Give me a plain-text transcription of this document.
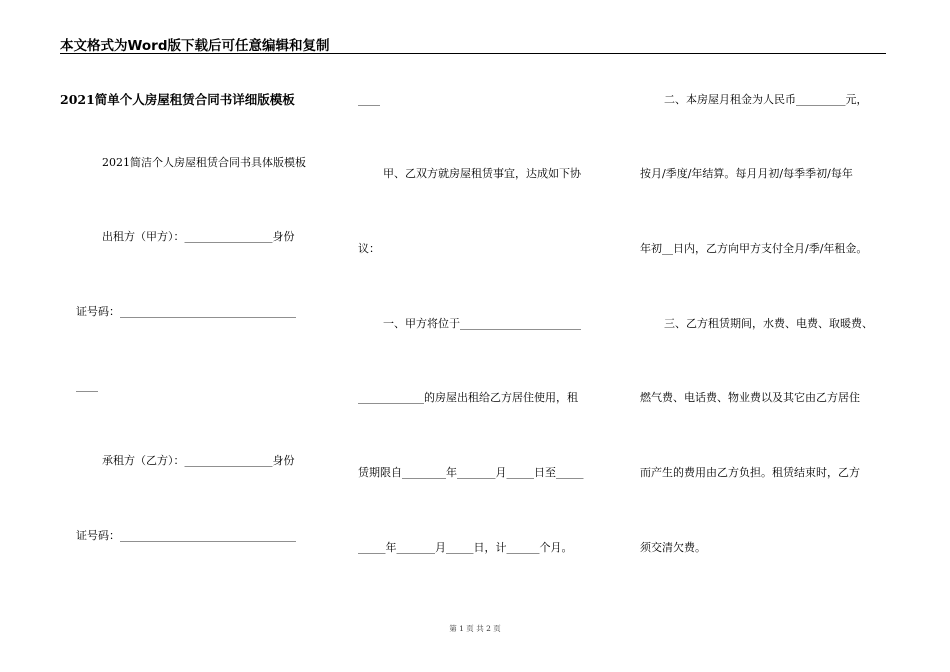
本文格式为Word版下载后可任意编辑和复制
2021简单个人房屋租赁合同书详细版模板
2021简洁个人房屋租赁合同书具体版模板
出租方（甲方）：________________身份
证号码：________________________________
____
承租方（乙方）：________________身份
证号码：________________________________
____
甲、乙双方就房屋租赁事宜，达成如下协
议：
一、甲方将位于______________________
____________的房屋出租给乙方居住使用，租
赁期限自________年_______月_____日至_____
_____年_______月_____日，计______个月。
二、本房屋月租金为人民币_________元，
按月/季度/年结算。每月月初/每季季初/每年
年初__日内，乙方向甲方支付全月/季/年租金。
三、乙方租赁期间，水费、电费、取暖费、
燃气费、电话费、物业费以及其它由乙方居住
而产生的费用由乙方负担。租赁结束时，乙方
须交清欠费。
第 1 页 共 2 页
